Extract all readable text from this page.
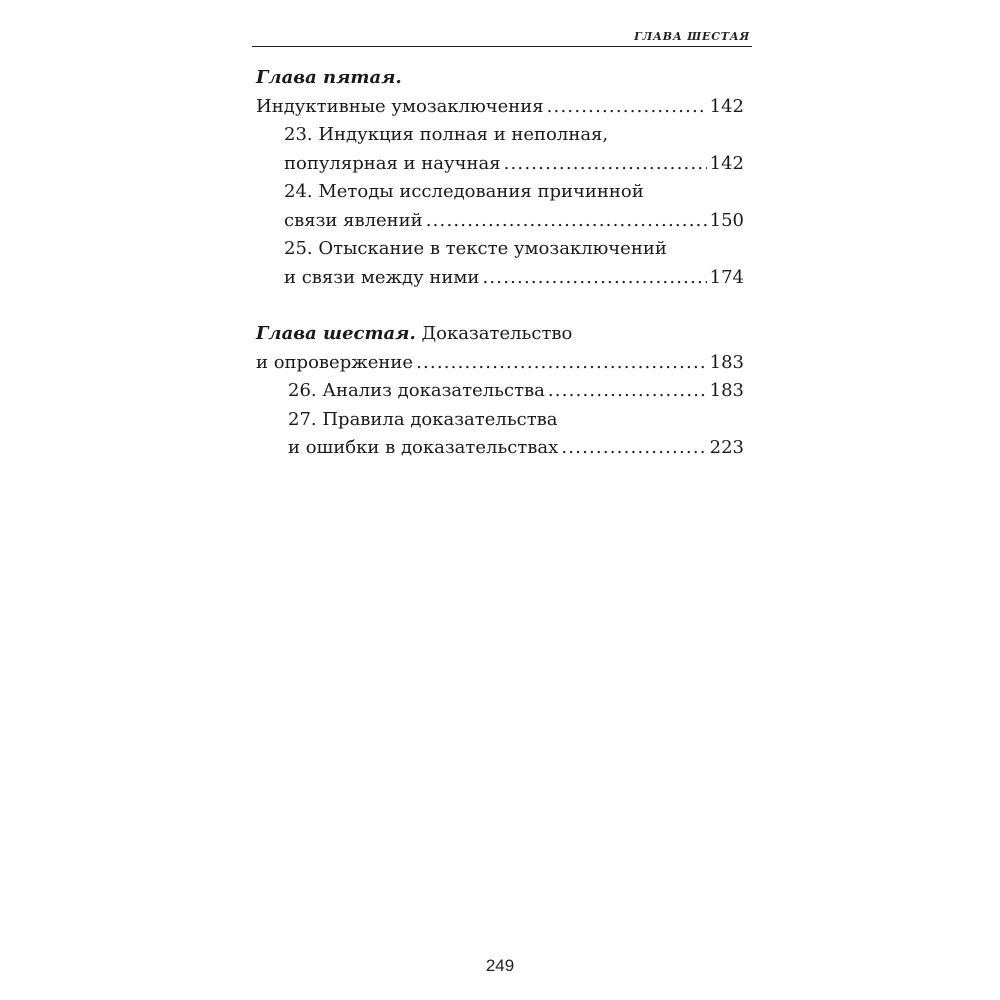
ГЛАВА ШЕСТАЯ
Глава пятая.
Индуктивные умозаключения .....	142
23. Индукция полная и неполная,
популярная и научная .....	142
24. Методы исследования причинной
связи явлений .....	150
25. Отыскание в тексте умозаключений
и связи между ними .....	174
Глава шестая. Доказательство
и опровержение .....	183
26. Анализ доказательства .....	183
27. Правила доказательства
и ошибки в доказательствах .....	223
249
